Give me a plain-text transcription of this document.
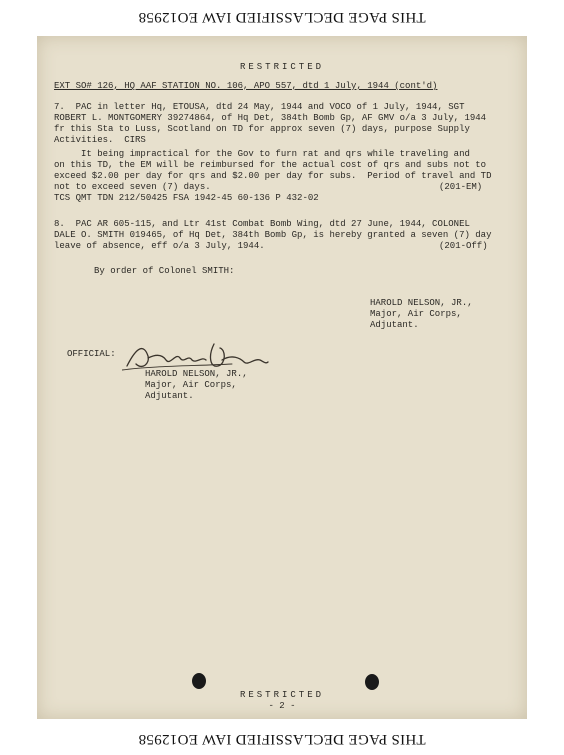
THIS PAGE DECLASSIFIED IAW EO12958
RESTRICTED
EXT SO# 126, HQ AAF STATION NO. 106, APO 557, dtd 1 July, 1944 (cont'd)
7.  PAC in letter Hq, ETOUSA, dtd 24 May, 1944 and VOCO of 1 July, 1944, SGT
ROBERT L. MONTGOMERY 39274864, of Hq Det, 384th Bomb Gp, AF GMV o/a 3 July, 1944
fr this Sta to Luss, Scotland on TD for approx seven (7) days, purpose Supply
Activities.  CIRS
It being impractical for the Gov to furn rat and qrs while traveling and
on this TD, the EM will be reimbursed for the actual cost of qrs and subs not to
exceed $2.00 per day for qrs and $2.00 per day for subs.  Period of travel and TD
not to exceed seven (7) days.	(201-EM)
TCS QMT TDN 212/50425 FSA 1942-45 60-136 P 432-02
8.  PAC AR 605-115, and Ltr 41st Combat Bomb Wing, dtd 27 June, 1944, COLONEL
DALE O. SMITH 019465, of Hq Det, 384th Bomb Gp, is hereby granted a seven (7) day
leave of absence, eff o/a 3 July, 1944.	(201-Off)
By order of Colonel SMITH:
HAROLD NELSON, JR.,
Major, Air Corps,
Adjutant.
OFFICIAL:
HAROLD NELSON, JR.,
Major, Air Corps,
Adjutant.
RESTRICTED
- 2 -
THIS PAGE DECLASSIFIED IAW EO12958
